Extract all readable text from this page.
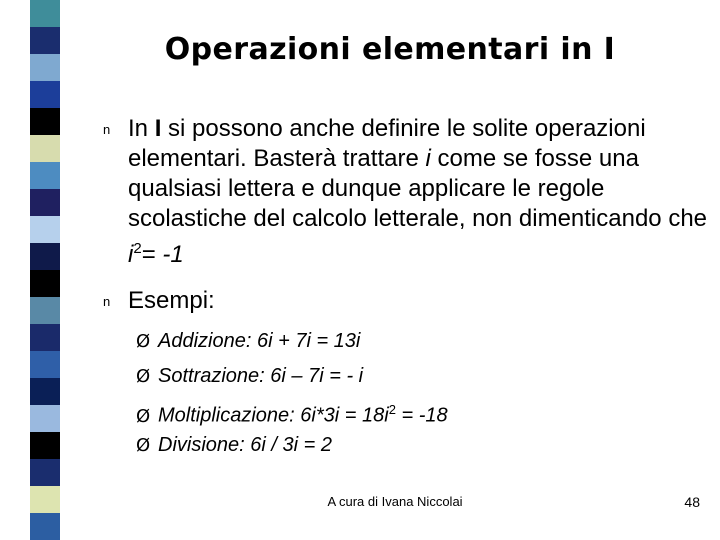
Operazioni elementari in I
n In I si possono anche definire le solite operazioni elementari. Basterà trattare i come se fosse una qualsiasi lettera e dunque applicare le regole scolastiche del calcolo letterale, non dimenticando che $i^2= -1$
n Esempi:
Ø Addizione: 6i + 7i = 13i
Ø Sottrazione: 6i – 7i = - i
Ø Moltiplicazione: $6i*3i = 18i^2 = -18$
Ø Divisione: 6i / 3i = 2
A cura di Ivana Niccolai	48
